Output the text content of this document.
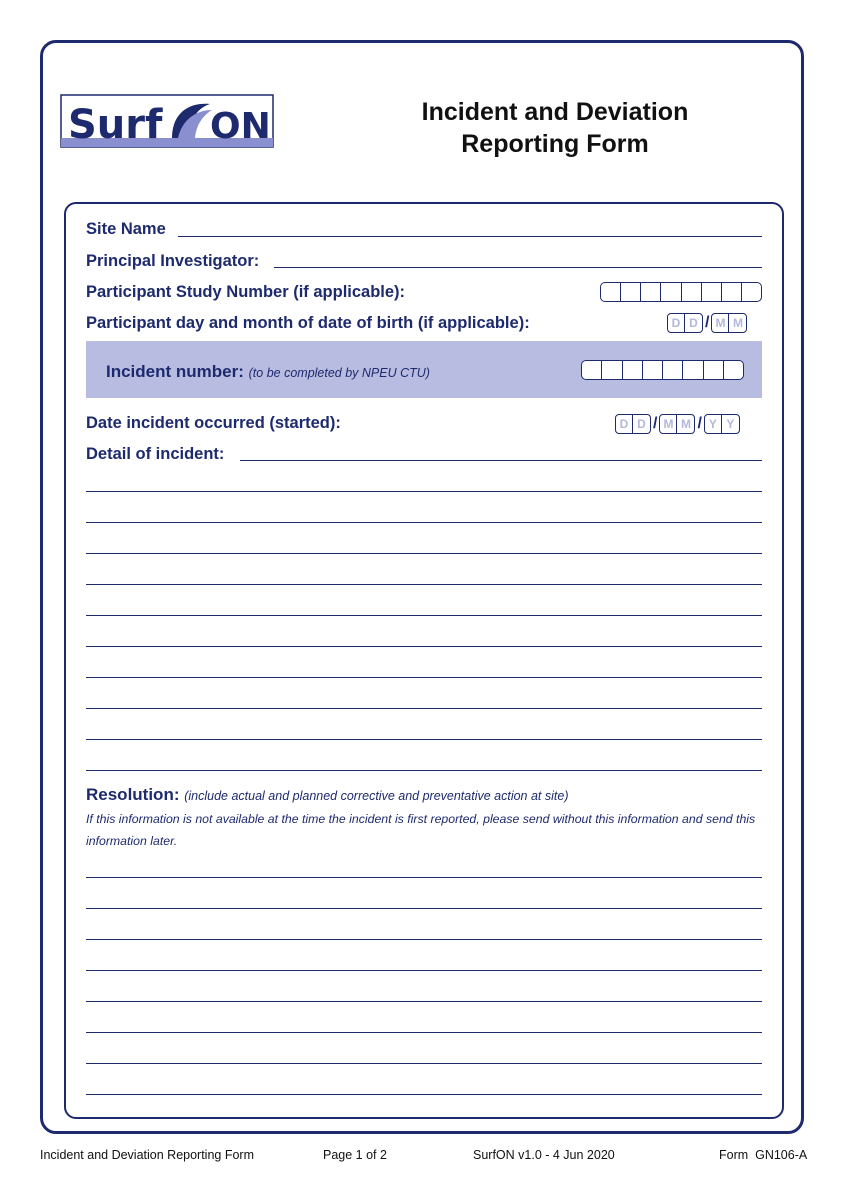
Surf ON	Incident and Deviation
Reporting Form
Site Name
Principal Investigator:
Participant Study Number (if applicable):
Participant day and month of date of birth (if applicable):	D D / M M
Incident number: (to be completed by NPEU CTU)
Date incident occurred (started):	D D / M M / Y Y
Detail of incident:
Resolution: (include actual and planned corrective and preventative action at site)
If this information is not available at the time the incident is first reported, please send without this information and send this information later.
Incident and Deviation Reporting Form	Page 1 of 2	SurfON v1.0 - 4 Jun 2020	Form  GN106-A
